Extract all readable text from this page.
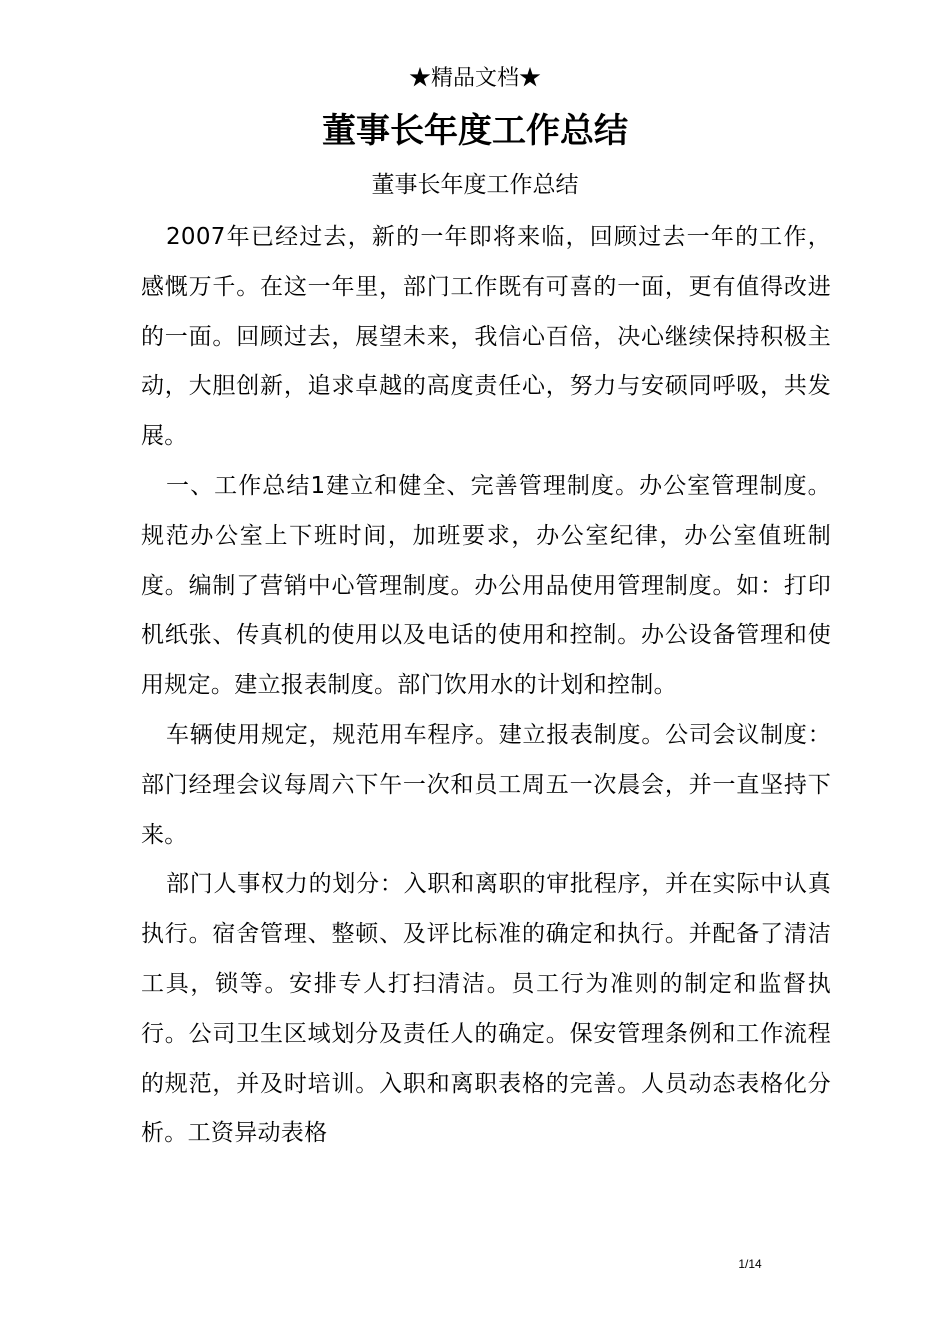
★精品文档★
董事长年度工作总结
董事长年度工作总结

2007年已经过去，新的一年即将来临，回顾过去一年的工作，感慨万千。在这一年里，部门工作既有可喜的一面，更有值得改进的一面。回顾过去，展望未来，我信心百倍，决心继续保持积极主动，大胆创新，追求卓越的高度责任心，努力与安硕同呼吸，共发展。

一、工作总结1建立和健全、完善管理制度。办公室管理制度。规范办公室上下班时间，加班要求，办公室纪律，办公室值班制度。编制了营销中心管理制度。办公用品使用管理制度。如：打印机纸张、传真机的使用以及电话的使用和控制。办公设备管理和使用规定。建立报表制度。部门饮用水的计划和控制。

车辆使用规定，规范用车程序。建立报表制度。公司会议制度：部门经理会议每周六下午一次和员工周五一次晨会，并一直坚持下来。

部门人事权力的划分：入职和离职的审批程序，并在实际中认真执行。宿舍管理、整顿、及评比标准的确定和执行。并配备了清洁工具，锁等。安排专人打扫清洁。员工行为准则的制定和监督执行。公司卫生区域划分及责任人的确定。保安管理条例和工作流程的规范，并及时培训。入职和离职表格的完善。人员动态表格化分析。工资异动表格

1/14
